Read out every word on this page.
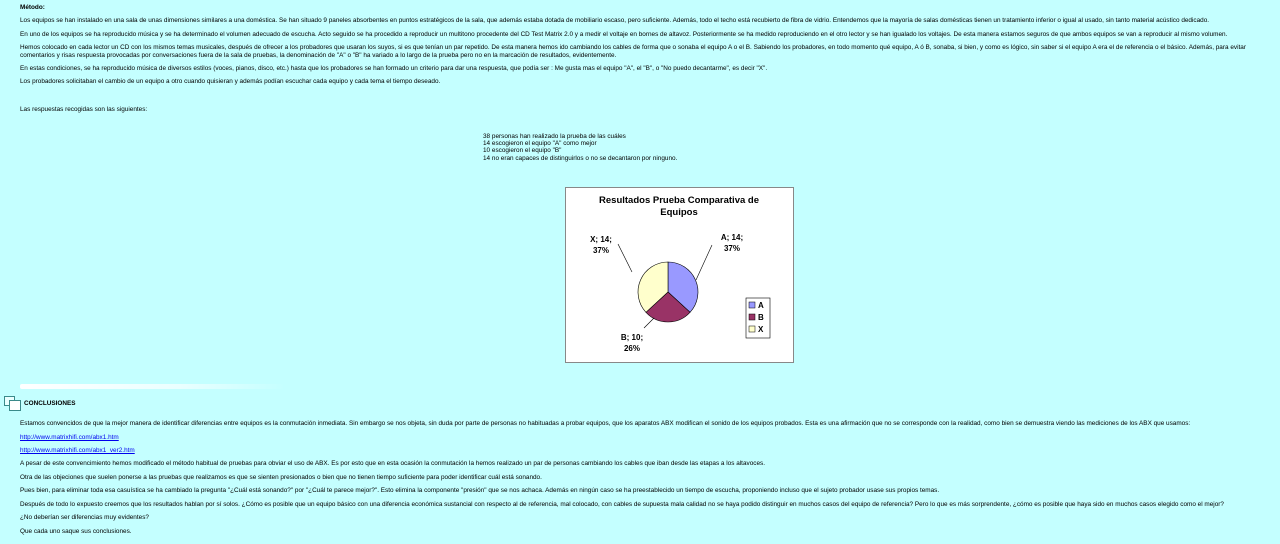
Método:
Los equipos se han instalado en una sala de unas dimensiones similares a una doméstica. Se han situado 9 paneles absorbentes en puntos estratégicos de la sala, que además estaba dotada de mobiliario escaso, pero suficiente. Además, todo el techo está recubierto de fibra de vidrio. Entendemos que la mayoría de salas domésticas tienen un tratamiento inferior o igual al usado, sin tanto material acústico dedicado.
En uno de los equipos se ha reproducido música y se ha determinado el volumen adecuado de escucha. Acto seguido se ha procedido a reproducir un multitono procedente del CD Test Matrix 2.0 y a medir el voltaje en bornes de altavoz. Posteriormente se ha medido reproduciendo en el otro lector y se han igualado los voltajes. De esta manera estamos seguros de que ambos equipos se van a reproducir al mismo volumen.
Hemos colocado en cada lector un CD con los mismos temas musicales, después de ofrecer a los probadores que usaran los suyos, si es que tenían un par repetido. De esta manera hemos ido cambiando los cables de forma que o sonaba el equipo A o el B. Sabiendo los probadores, en todo momento qué equipo, A ó B, sonaba, si bien, y como es lógico, sin saber si el equipo A era el de referencia o el básico. Además, para evitar comentarios y risas respuesta provocadas por conversaciones fuera de la sala de pruebas, la denominación de "A" o "B" ha variado a lo largo de la prueba pero no en la marcación de resultados, evidentemente.
En estas condiciones, se ha reproducido música de diversos estilos (voces, pianos, disco, etc.) hasta que los probadores se han formado un criterio para dar una respuesta, que podía ser : Me gusta mas el equipo "A", el "B", o "No puedo decantarme", es decir "X".
Los probadores solicitaban el cambio de un equipo a otro cuando quisieran y además podían escuchar cada equipo y cada tema el tiempo deseado.
Las respuestas recogidas son las siguientes:
38 personas han realizado la prueba de las cuáles
14 escogieron el equipo "A" como mejor
10 escogieron el equipo "B"
14 no eran capaces de distinguirlos o no se decantaron por ninguno.
Resultados Prueba Comparativa de
Equipos
A; 14;
37%
B; 10;
26%
X; 14;
37%
A
B
X
CONCLUSIONES
Estamos convencidos de que la mejor manera de identificar diferencias entre equipos es la conmutación inmediata. Sin embargo se nos objeta, sin duda por parte de personas no habituadas a probar equipos, que los aparatos ABX modifican el sonido de los equipos probados. Esta es una afirmación que no se corresponde con la realidad, como bien se demuestra viendo las mediciones de los ABX que usamos:
http://www.matrixhifi.com/abx1.htm
http://www.matrixhifi.com/abx1_ver2.htm
A pesar de este convencimiento hemos modificado el método habitual de pruebas para obviar el uso de ABX. Es por esto que en esta ocasión la conmutación la hemos realizado un par de personas cambiando los cables que iban desde las etapas a los altavoces.
Otra de las objeciones que suelen ponerse a las pruebas que realizamos es que se sienten presionados o bien que no tienen tiempo suficiente para poder identificar cuál está sonando.
Pues bien, para eliminar toda esa casuística se ha cambiado la pregunta "¿Cuál está sonando?" por "¿Cuál te parece mejor?". Esto elimina la componente "presión" que se nos achaca. Además en ningún caso se ha preestablecido un tiempo de escucha, proponiendo incluso que el sujeto probador usase sus propios temas.
Después de todo lo expuesto creemos que los resultados hablan por sí solos. ¿Cómo es posible que un equipo básico con una diferencia económica sustancial con respecto al de referencia, mal colocado, con cables de supuesta mala calidad no se haya podido distinguir en muchos casos del equipo de referencia? Pero lo que es más sorprendente, ¿cómo es posible que haya sido en muchos casos elegido como el mejor?
¿No deberían ser diferencias muy evidentes?
Que cada uno saque sus conclusiones.
